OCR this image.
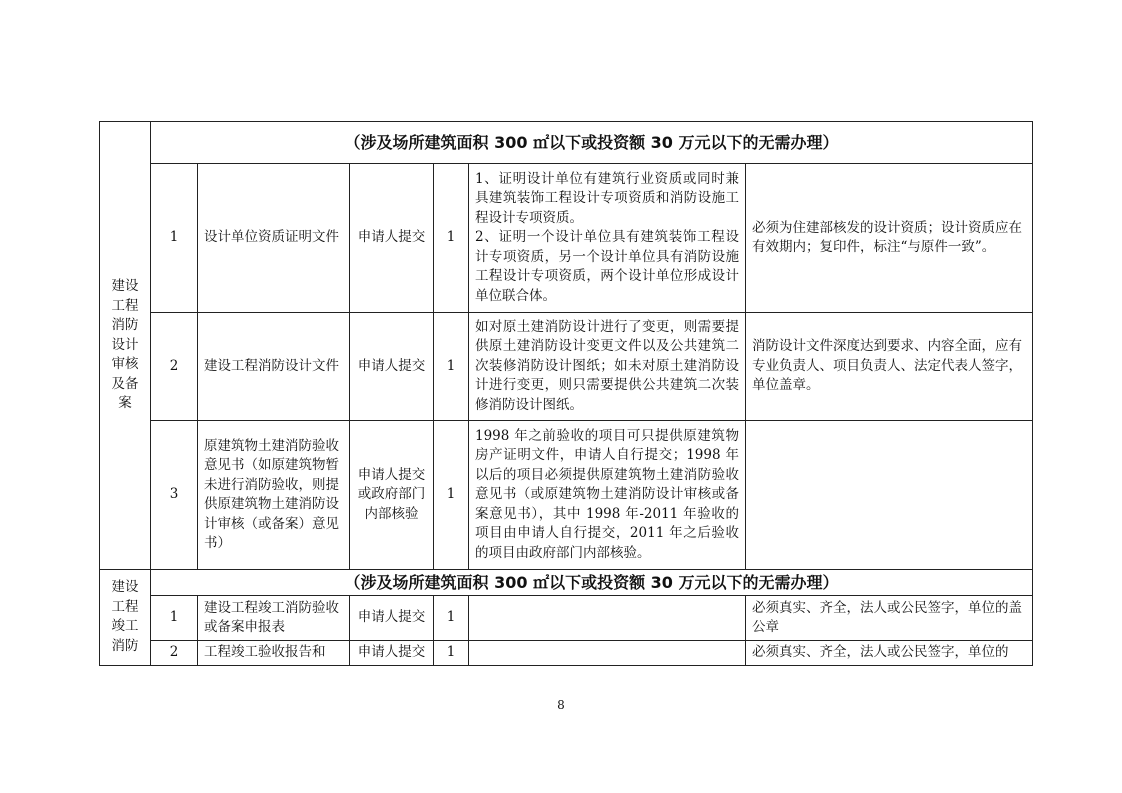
建设工程消防设计审核及备案	（涉及场所建筑面积 300 ㎡以下或投资额 30 万元以下的无需办理）					
	1	设计单位资质证明文件	申请人提交	1	1、证明设计单位有建筑行业资质或同时兼具建筑装饰工程设计专项资质和消防设施工程设计专项资质。
2、证明一个设计单位具有建筑装饰工程设计专项资质，另一个设计单位具有消防设施工程设计专项资质，两个设计单位形成设计单位联合体。	必须为住建部核发的设计资质；设计资质应在有效期内；复印件，标注“与原件一致”。
	2	建设工程消防设计文件	申请人提交	1	如对原土建消防设计进行了变更，则需要提供原土建消防设计变更文件以及公共建筑二次装修消防设计图纸；如未对原土建消防设计进行变更，则只需要提供公共建筑二次装修消防设计图纸。	消防设计文件深度达到要求、内容全面，应有专业负责人、项目负责人、法定代表人签字，单位盖章。
	3	原建筑物土建消防验收意见书（如原建筑物暂未进行消防验收，则提供原建筑物土建消防设计审核（或备案）意见书）	申请人提交或政府部门内部核验	1	1998 年之前验收的项目可只提供原建筑物房产证明文件，申请人自行提交；1998 年以后的项目必须提供原建筑物土建消防验收意见书（或原建筑物土建消防设计审核或备案意见书），其中 1998 年-2011 年验收的项目由申请人自行提交，2011 年之后验收的项目由政府部门内部核验。	
建设工程竣工消防	（涉及场所建筑面积 300 ㎡以下或投资额 30 万元以下的无需办理）					
	1	建设工程竣工消防验收或备案申报表	申请人提交	1		必须真实、齐全，法人或公民签字，单位的盖公章
	2	工程竣工验收报告和	申请人提交	1		必须真实、齐全，法人或公民签字，单位的
8
